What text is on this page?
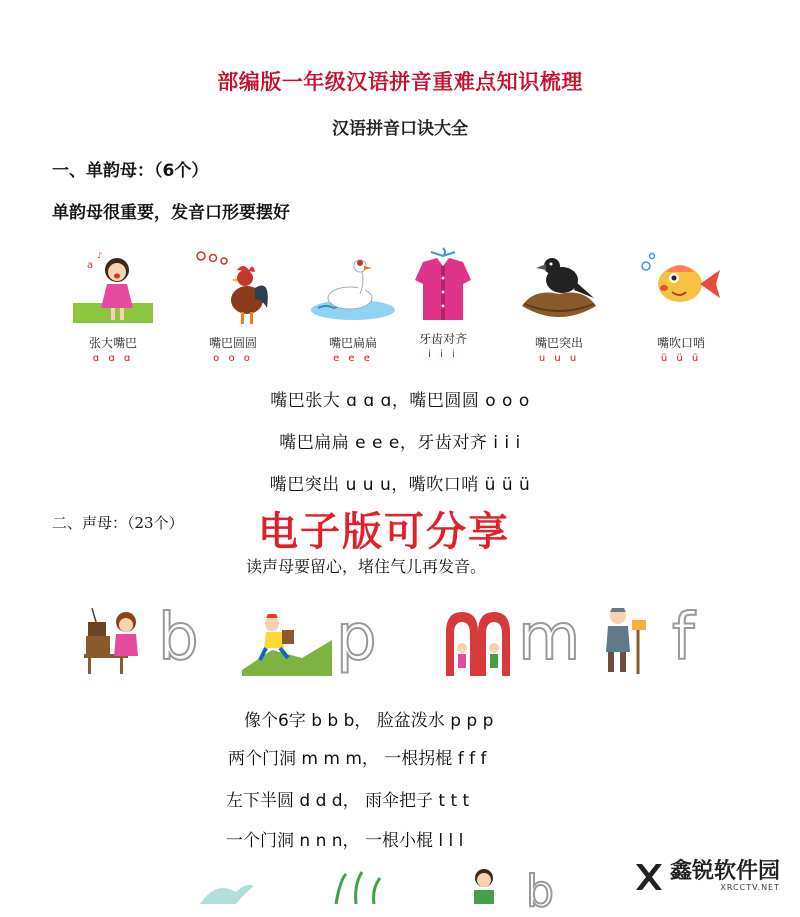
部编版一年级汉语拼音重难点知识梳理
汉语拼音口诀大全
一、单韵母：（6个）
单韵母很重要，发音口形要摆好
a
♪
张大嘴巴
ɑ ɑ ɑ
嘴巴圆圆
o o o
嘴巴扁扁
e e e
牙齿对齐
i i i
嘴巴突出
u u u
嘴吹口哨
ü ü ü
嘴巴张大 ɑ ɑ ɑ，嘴巴圆圆 o o o
嘴巴扁扁 e e e，牙齿对齐 i i i
嘴巴突出 u u u，嘴吹口哨 ü ü ü
二、声母：（23个） 电子版可分享
读声母要留心，堵住气儿再发音。
b p m f
像个6字 b b b， 脸盆泼水 p p p
两个门洞 m m m， 一根拐棍 f f f
左下半圆 d d d， 雨伞把子 t t t
一个门洞 n n n， 一根小棍 l l l
b	鑫锐软件园
XRCCTV.NET
